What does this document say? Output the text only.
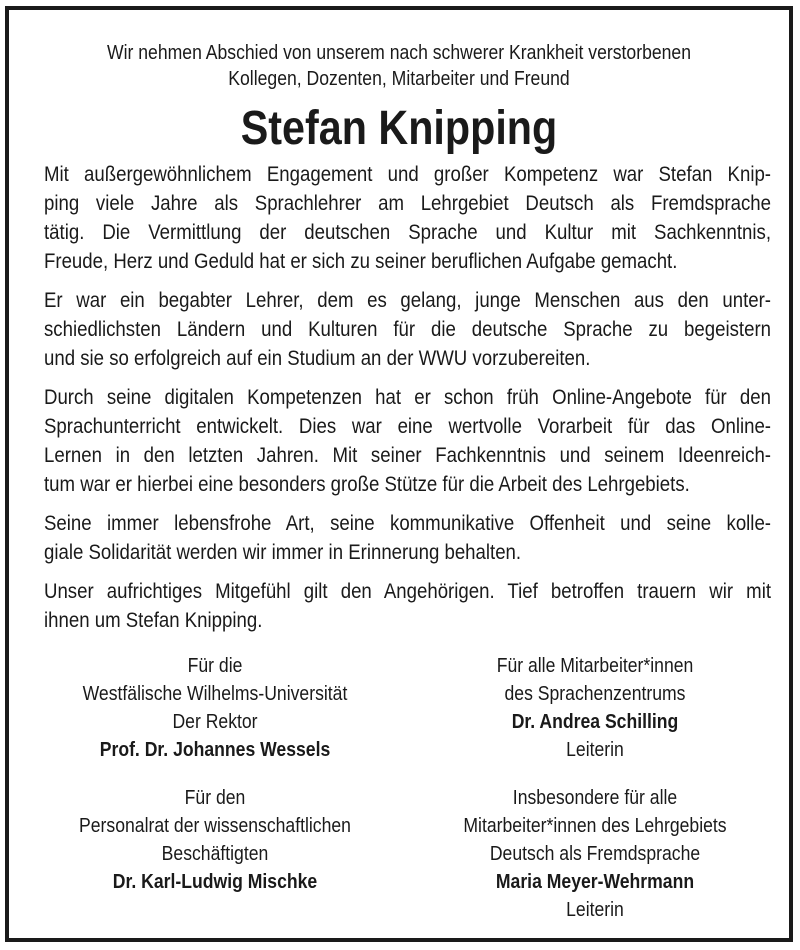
Wir nehmen Abschied von unserem nach schwerer Krankheit verstorbenen
Kollegen, Dozenten, Mitarbeiter und Freund
Stefan Knipping
Mit außergewöhnlichem Engagement und großer Kompetenz war Stefan Knip-
ping viele Jahre als Sprachlehrer am Lehrgebiet Deutsch als Fremdsprache
tätig. Die Vermittlung der deutschen Sprache und Kultur mit Sachkenntnis,
Freude, Herz und Geduld hat er sich zu seiner beruflichen Aufgabe gemacht.
Er war ein begabter Lehrer, dem es gelang, junge Menschen aus den unter-
schiedlichsten Ländern und Kulturen für die deutsche Sprache zu begeistern
und sie so erfolgreich auf ein Studium an der WWU vorzubereiten.
Durch seine digitalen Kompetenzen hat er schon früh Online-Angebote für den
Sprachunterricht entwickelt. Dies war eine wertvolle Vorarbeit für das Online-
Lernen in den letzten Jahren. Mit seiner Fachkenntnis und seinem Ideenreich-
tum war er hierbei eine besonders große Stütze für die Arbeit des Lehrgebiets.
Seine immer lebensfrohe Art, seine kommunikative Offenheit und seine kolle-
giale Solidarität werden wir immer in Erinnerung behalten.
Unser aufrichtiges Mitgefühl gilt den Angehörigen. Tief betroffen trauern wir mit
ihnen um Stefan Knipping.
Für die
Westfälische Wilhelms-Universität
Der Rektor
Prof. Dr. Johannes Wessels
Für alle Mitarbeiter*innen
des Sprachenzentrums
Dr. Andrea Schilling
Leiterin
Für den
Personalrat der wissenschaftlichen
Beschäftigten
Dr. Karl-Ludwig Mischke
Insbesondere für alle
Mitarbeiter*innen des Lehrgebiets
Deutsch als Fremdsprache
Maria Meyer-Wehrmann
Leiterin
